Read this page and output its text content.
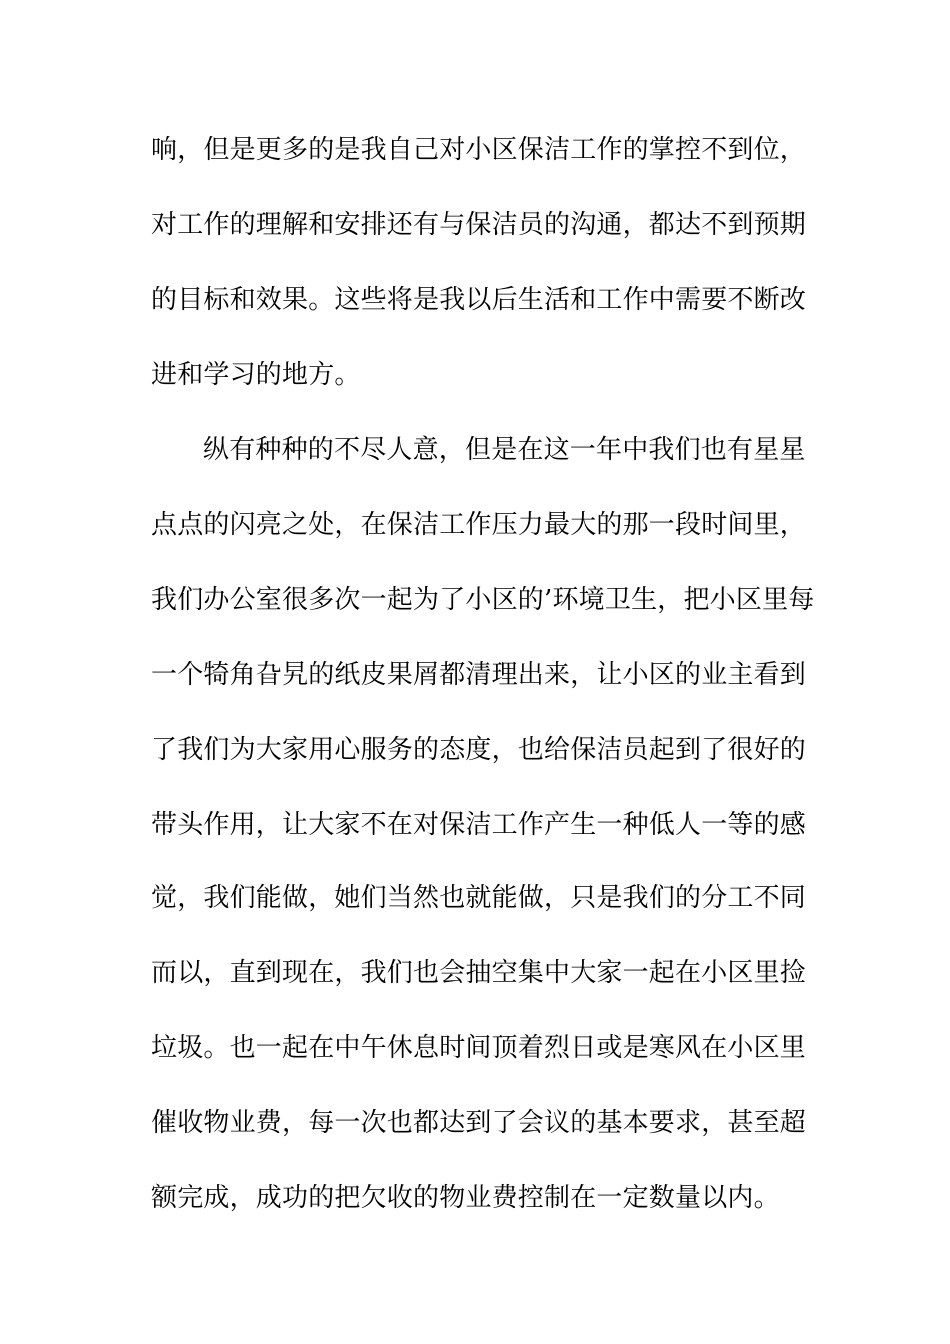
响，但是更多的是我自己对小区保洁工作的掌控不到位，
对工作的理解和安排还有与保洁员的沟通，都达不到预期
的目标和效果。这些将是我以后生活和工作中需要不断改
进和学习的地方。
纵有种种的不尽人意，但是在这一年中我们也有星星
点点的闪亮之处，在保洁工作压力最大的那一段时间里，
我们办公室很多次一起为了小区的’环境卫生，把小区里每
一个犄角旮旯的纸皮果屑都清理出来，让小区的业主看到
了我们为大家用心服务的态度，也给保洁员起到了很好的
带头作用，让大家不在对保洁工作产生一种低人一等的感
觉，我们能做，她们当然也就能做，只是我们的分工不同
而以，直到现在，我们也会抽空集中大家一起在小区里捡
垃圾。也一起在中午休息时间顶着烈日或是寒风在小区里
催收物业费，每一次也都达到了会议的基本要求，甚至超
额完成，成功的把欠收的物业费控制在一定数量以内。
